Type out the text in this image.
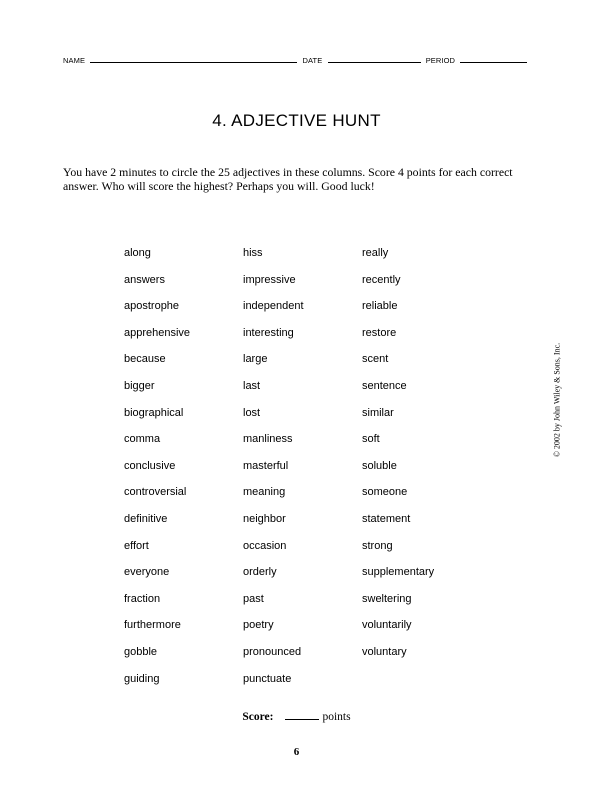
NAME	DATE	PERIOD
4. ADJECTIVE HUNT
You have 2 minutes to circle the 25 adjectives in these columns. Score 4 points for each correct answer. Who will score the highest? Perhaps you will. Good luck!
along
answers
apostrophe
apprehensive
because
bigger
biographical
comma
conclusive
controversial
definitive
effort
everyone
fraction
furthermore
gobble
guiding
hiss
impressive
independent
interesting
large
last
lost
manliness
masterful
meaning
neighbor
occasion
orderly
past
poetry
pronounced
punctuate
really
recently
reliable
restore
scent
sentence
similar
soft
soluble
someone
statement
strong
supplementary
sweltering
voluntarily
voluntary
© 2002 by John Wiley & Sons, Inc.
Score:	points
6
